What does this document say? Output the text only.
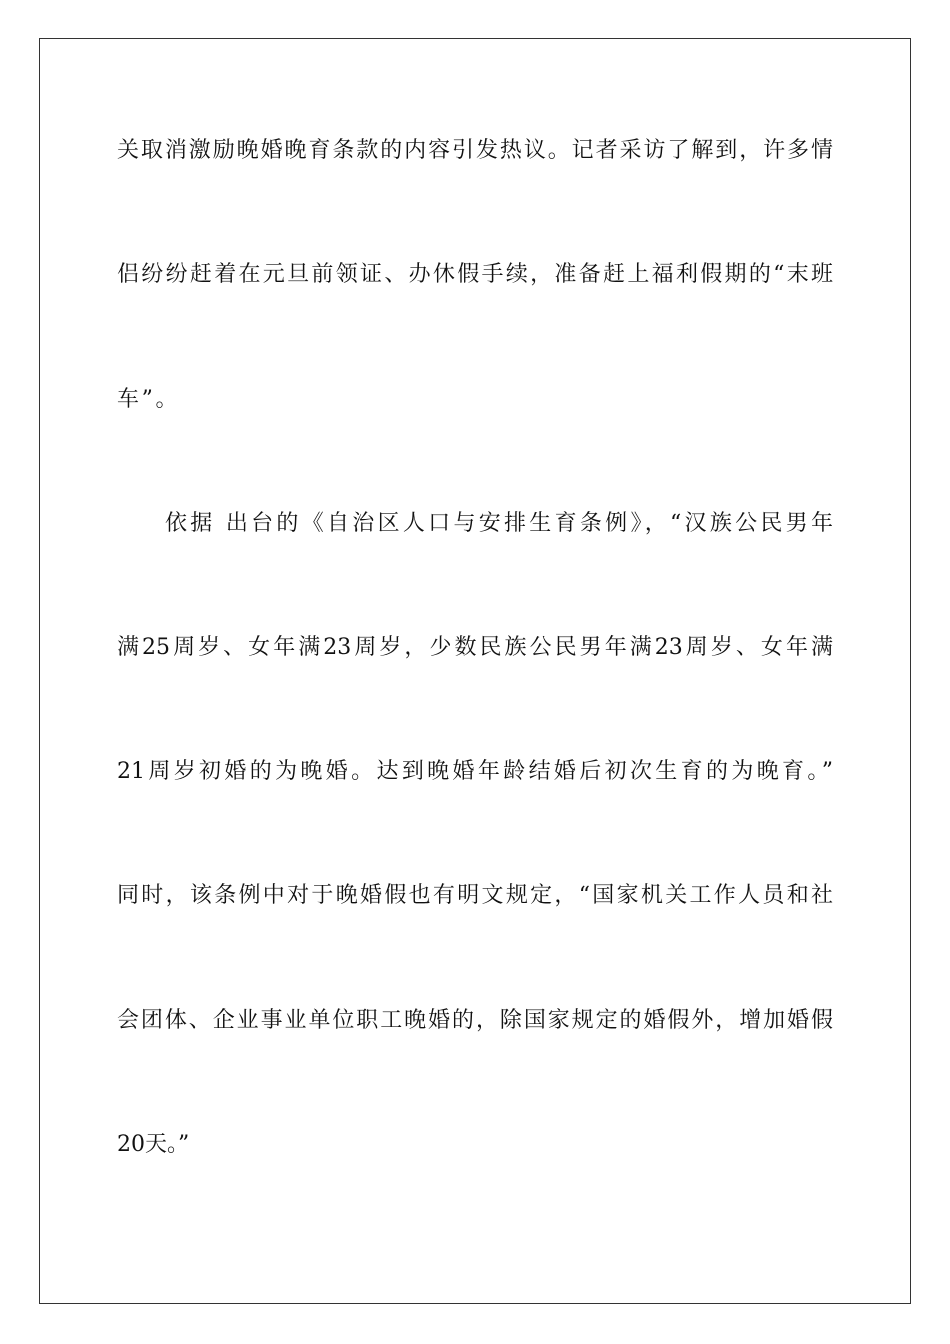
关取消激励晚婚晚育条款的内容引发热议。记者采访了解到，许多情
侣纷纷赶着在元旦前领证、办休假手续，准备赶上福利假期的“末班
车”。
依据 出台的《自治区人口与安排生育条例》，“汉族公民男年
满25周岁、女年满23周岁，少数民族公民男年满23周岁、女年满
21周岁初婚的为晚婚。达到晚婚年龄结婚后初次生育的为晚育。”
同时，该条例中对于晚婚假也有明文规定，“国家机关工作人员和社
会团体、企业事业单位职工晚婚的，除国家规定的婚假外，增加婚假
20天。”
